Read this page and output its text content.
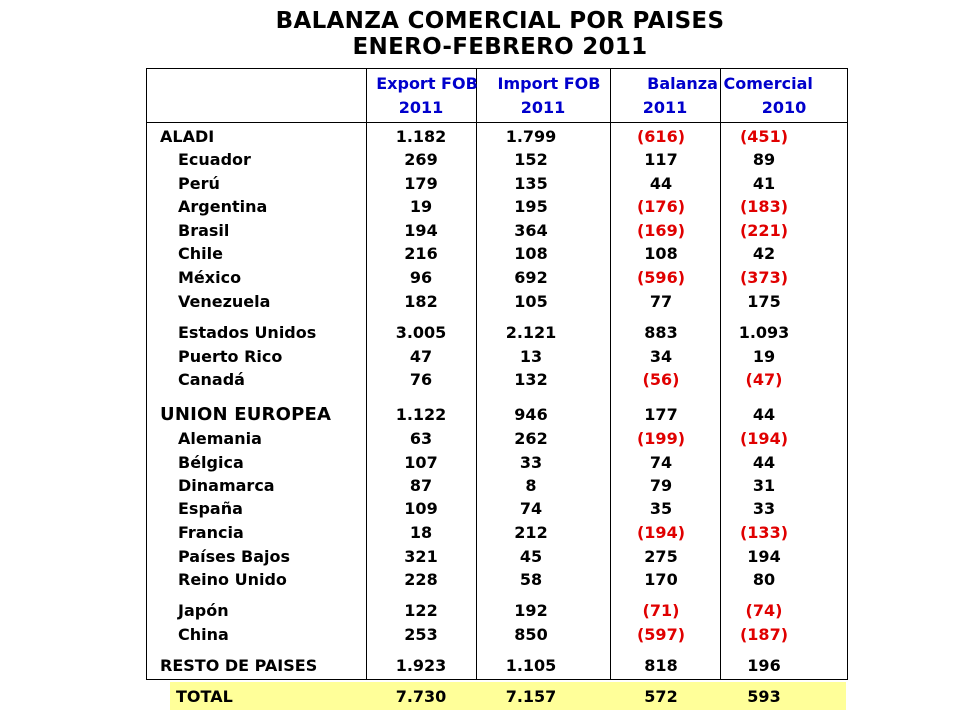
BALANZA COMERCIAL POR PAISES
ENERO-FEBRERO 2011
Export FOB	Import FOB	Balanza Comercial
2011	2011	2011	2010
ALADI	1.182	1.799	(616)	(451)
Ecuador	269	152	117	89
Perú	179	135	44	41
Argentina	19	195	(176)	(183)
Brasil	194	364	(169)	(221)
Chile	216	108	108	42
México	96	692	(596)	(373)
Venezuela	182	105	77	175
Estados Unidos	3.005	2.121	883	1.093
Puerto Rico	47	13	34	19
Canadá	76	132	(56)	(47)
UNION EUROPEA	1.122	946	177	44
Alemania	63	262	(199)	(194)
Bélgica	107	33	74	44
Dinamarca	87	8	79	31
España	109	74	35	33
Francia	18	212	(194)	(133)
Países Bajos	321	45	275	194
Reino Unido	228	58	170	80
Japón	122	192	(71)	(74)
China	253	850	(597)	(187)
RESTO DE PAISES	1.923	1.105	818	196
TOTAL	7.730	7.157	572	593
